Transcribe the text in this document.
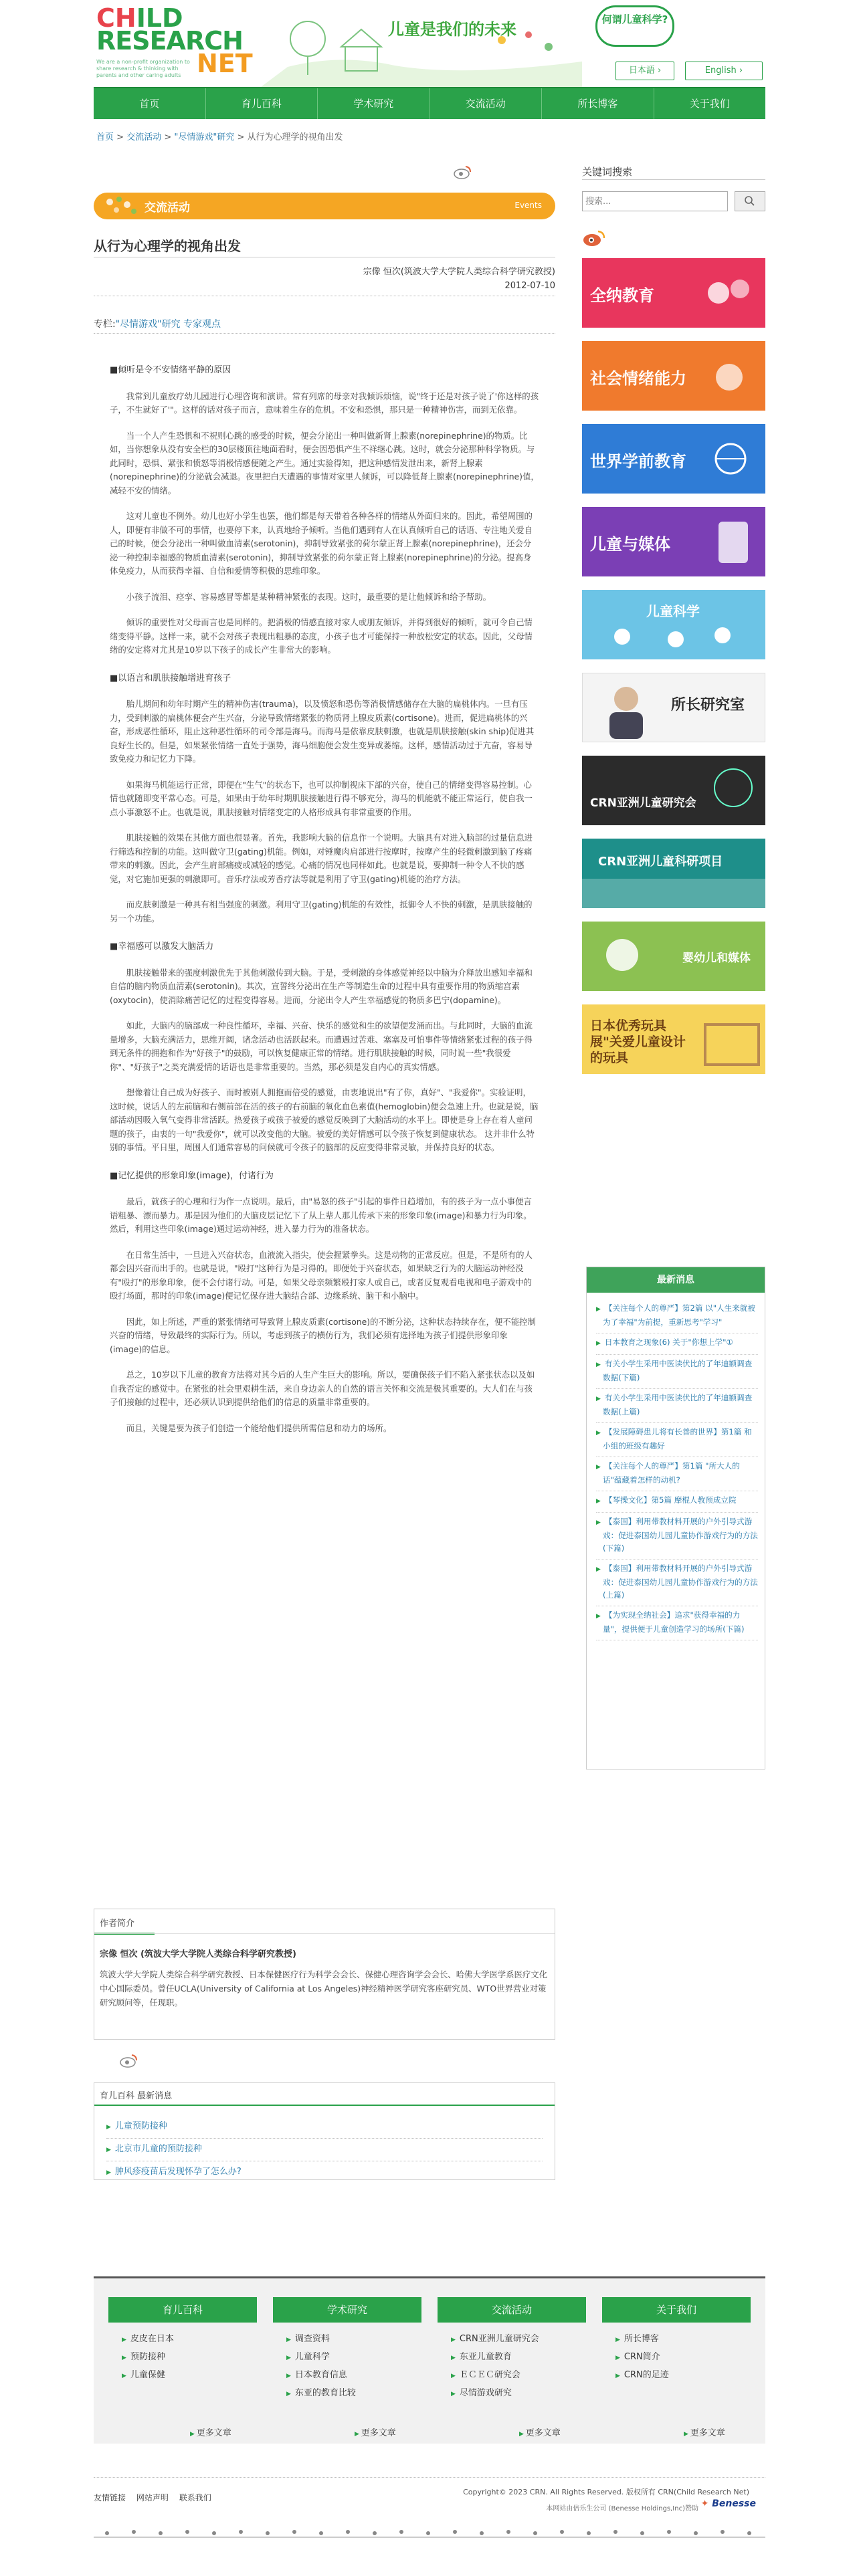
CHILD
RESEARCH
NET
We are a non-profit organization to share research & thinking with parents and other caring adults
儿童是我们的未来
何谓儿童科学?
日本語 ›	English ›
首页	育儿百科	学术研究	交流活动	所长博客	关于我们
首页 > 交流活动 > "尽情游戏"研究 > 从行为心理学的视角出发
交流活动	Events
从行为心理学的视角出发
宗像 恒次(筑波大学大学院人类综合科学研究教授)
2012-07-10
专栏:"尽情游戏"研究 专家观点
■倾听是令不安情绪平静的原因

我常到儿童放疗幼儿园进行心理咨询和演讲。常有列席的母亲对我倾诉烦恼，说"终于还是对孩子说了'你这样的孩子，不生就好了'"。这样的话对孩子而言，意味着生存的危机。不安和恐惧，那只是一种精神伤害，而到无依靠。

当一个人产生恐惧和不祝则心跳的感受的时候，便会分泌出一种叫做新肾上腺素(norepinephrine)的物质。比如，当你想象从没有安全栏的30层楼顶往地面看时，便会因恐惧产生不祥继心跳。这时，就会分泌那种科学物质。与此同时，恐惧、紧张和愤怒等消极情感便随之产生。通过实验得知，把这种感情发泄出来，新肾上腺素(norepinephrine)的分泌就会减退。夜里把白天遭遇的事情对家里人倾诉，可以降低肾上腺素(norepinephrine)值，减轻不安的情绪。

这对儿童也不例外。幼儿也好小学生也罢，他们都是每天带着各种各样的情绪从外面归来的。因此，希望周围的人，即便有非做不可的事情，也要停下来，认真地给予倾听。当他们遇到有人在认真倾听自己的话语、专注地关爱自己的时候，便会分泌出一种叫做血清素(serotonin)，抑制导致紧张的荷尔蒙正肾上腺素(norepinephrine)，还会分泌一种控制幸福感的物质血清素(serotonin)，抑制导致紧张的荷尔蒙正肾上腺素(norepinephrine)的分泌。提高身体免疫力，从而获得幸福、自信和爱情等积极的思维印象。

小孩子流泪、痉挛、容易感冒等都是某种精神紧张的表现。这时，最重要的是让他倾诉和给予帮助。

倾诉的重要性对父母而言也是同样的。把消极的情感直接对家人或朋友倾诉，并得到很好的倾听，就可令自己情绪变得平静。这样一来，就不会对孩子表现出粗暴的态度，小孩子也才可能保持一种放松安定的状态。因此，父母情绪的安定将对尤其是10岁以下孩子的成长产生非常大的影响。

■以语言和肌肤接触增进育孩子

胎儿期间和幼年时期产生的精神伤害(trauma)，以及愤怒和恐伤等消极情感储存在大脑的扁桃体内。一旦有压力，受到刺激的扁桃体便会产生兴奋，分泌导致情绪紧张的物质肾上腺皮质素(cortisone)。进而，促进扁桃体的兴奋，形成恶性循环，阻止这种恶性循环的司令部是海马。而海马是依靠皮肤刺激，也就是肌肤接触(skin ship)促进其良好生长的。但是，如果紧张情绪一直处于强势，海马细胞便会发生变异或萎缩。这样，感情活动过于亢奋，容易导致免疫力和记忆力下降。

如果海马机能运行正常，即便在"生气"的状态下，也可以抑制视床下部的兴奋，使自己的情绪变得容易控制。心情也就随即变平常心态。可是，如果由于幼年时期肌肤接触进行得不够充分，海马的机能就不能正常运行，使自我一点小事激怒不止。也就是说，肌肤接触对情绪变定的人格形成具有非常重要的作用。

肌肤接触的效果在其他方面也很显著。首先，我影响大脑的信息作一个说明。大脑具有对进入脑部的过量信息进行筛选和控制的功能。这叫做守卫(gating)机能。例如，对锤魔肉肩部进行按摩时，按摩产生的轻微刺激到脑了疼痛带来的刺激。因此，会产生肩部痛疲或减轻的感觉。心痛的情况也同样如此。也就是说，要抑制一种令人不快的感觉，对它施加更强的刺激即可。音乐疗法或芳香疗法等就是利用了守卫(gating)机能的治疗方法。

而皮肤刺激是一种具有相当强度的刺激。利用守卫(gating)机能的有效性，抵御令人不快的刺激，是肌肤接触的另一个功能。

■幸福感可以激发大脑活力

肌肤接触带来的强度刺激优先于其他刺激传到大脑。于是，受刺激的身体感觉神经以中脑为介释放出感知幸福和自信的脑内物质血清素(serotonin)。其次，宣誓终分泌出在生产等制造生命的过程中具有重要作用的物质缩宫素(oxytocin)，使消除痛苦记忆的过程变得容易。进而，分泌出令人产生幸福感觉的物质多巴宁(dopamine)。

如此，大脑内的脑部成一种良性循环，幸福、兴奋、快乐的感觉和生的欲望便发涌而出。与此同时，大脑的血流量增多，大脑充满活力，思维开阔，诸念活动也活跃起来。而遭遇过苦难、塞塞及可怕事件等情绪紧张过程的孩子得到无条件的拥抱和作为"好孩子"的鼓励，可以恢复健康正常的情绪。进行肌肤接触的时候，同时说一些"我很爱你"、"好孩子"之类充满爱情的话语也是非常重要的。当然，那必须是发自内心的真实情感。

想像着让自己成为好孩子、而时被别人拥抱而倍受的感觉，由衷地说出"有了你，真好"、"我爱你"。实验证明，这时候，说话人的左前脑和右侧前部在活的孩子的右前脑的氧化血色素值(hemoglobin)便会急速上升。也就是说，脑部活动因吸入氧气变得非常活跃。热爱孩子或孩子被爱的感觉反映到了大脑活动的水平上。即使是身上存在着人童问题的孩子，由衷的一句"我爱你"，就可以改变他的大脑。被爱的美好情感可以令孩子恢复到健康状态。 这并非什么特别的事情。平日里，周围人们通常容易的问候就可令孩子的脑部的反应变得非常灵敏，并保持良好的状态。

■记忆提供的形象印象(image)，付诸行为

最后，就孩子的心理和行为作一点说明。最后，由"易怒的孩子"引起的事件日趋增加，有的孩子为一点小事便言语粗暴、漂而暴力。那是因为他们的大脑皮层记忆下了从上辈人那儿传承下来的形象印象(image)和暴力行为印象。然后，利用这些印象(image)通过运动神经，进入暴力行为的准备状态。

在日常生活中，一旦进入兴奋状态，血液流入指尖，使会握紧拳头。这是动物的正常反应。但是，不是所有的人都会因兴奋而出手的。也就是说，"殴打"这种行为是习得的。即便处于兴奋状态，如果缺乏行为的大脑运动神经没有"殴打"的形象印象，便不会付诸行动。可是，如果父母亲频繁殴打家人或自己，或者反复观看电视和电子游戏中的殴打场面，那时的印象(image)便记忆保存进大脑结合部、边缘系统、脑干和小脑中。

因此，如上所述，严重的紧张情绪可导致肾上腺皮质素(cortisone)的不断分泌，这种状态持续存在，便不能控制兴奋的情绪，导致最终的实际行为。所以，考虑到孩子的横仿行为，我们必须有选择地为孩子们提供形象印象(image)的信息。

总之，10岁以下儿童的教育方法将对其今后的人生产生巨大的影响。所以，要确保孩子们不陷入紧张状态以及如自我否定的感觉中。在紧张的社会里艰耕生活，来自身边亲人的自然的语言关怀和交流是极其重要的。大人们在与孩子们接触的过程中，还必须认识到提供给他们的信息的质量非常重要的。

而且，关键是要为孩子们创造一个能给他们提供所需信息和动力的场所。

作者简介
宗像 恒次 (筑波大学大学院人类综合科学研究教授)
筑波大学大学院人类综合科学研究教授、日本保健医疗行为科学会会长、保健心理咨询学会会长、哈佛大学医学系医疗文化中心国际委员。曾任UCLA(University of California at Los Angeles)神经精神医学研究客座研究员、WTO世界营业对策研究顾问等，任现职。
育儿百科 最新消息
▶ 儿童预防接种
▶ 北京市儿童的预防接种
▶ 肿风疹疫苗后发现怀孕了怎么办?
关键词搜索
搜索...
全纳教育
社会情绪能力
世界学前教育
儿童与媒体
儿童科学
所长研究室
CRN亚洲儿童研究会
CRN亚洲儿童科研项目
婴幼儿和媒体
日本优秀玩具展"关爱儿童设计的玩具
最新消息
▶ 【关注每个人的尊严】第2篇 以"人生来就被为了幸福"为前提，重新思考"学习"
▶ 日本教育之现象(6) 关于"你想上学"①
▶ 有关小学生采用中医读伏比的了年迪额调查数据(下篇)
▶ 有关小学生采用中医读伏比的了年迪额调查数据(上篇)
▶ 【发展障碍患儿将有长善的世界】第1篇 和小组的班级有趣好
▶ 【关注每个人的尊严】第1篇 "所大人的话"蕴藏着怎样的动机?
▶ 【琴操文化】第5篇 摩棍人教预成立院
▶ 【泰国】利用带教材料开展的户外引导式游戏：促进泰国幼儿园儿童协作游戏行为的方法(下篇)
▶ 【泰国】利用带教材料开展的户外引导式游戏：促进泰国幼儿园儿童协作游戏行为的方法(上篇)
▶ 【为实现全纳社会】追求"获得幸福的力量"，提供便于儿童创造学习的场所(下篇)
育儿百科
▶ 皮皮在日本
▶ 预防接种
▶ 儿童保健
学术研究
▶ 调查资料
▶ 儿童科学
▶ 日本教育信息
▶ 东亚的教育比较
交流活动
▶ CRN亚洲儿童研究会
▶ 东亚儿童教育
▶ ＥＣＥＣ研究会
▶ 尽情游戏研究
关于我们
▶ 所长博客
▶ CRN简介
▶ CRN的足迹
▶ 更多文章	▶ 更多文章	▶ 更多文章	▶ 更多文章
友情链接 网站声明 联系我们
Copyright© 2023 CRN. All Rights Reserved. 版权所有 CRN(Child Research Net)
本网站由倍乐生公司 (Benesse Holdings,Inc)赞助 ✦ Benesse
